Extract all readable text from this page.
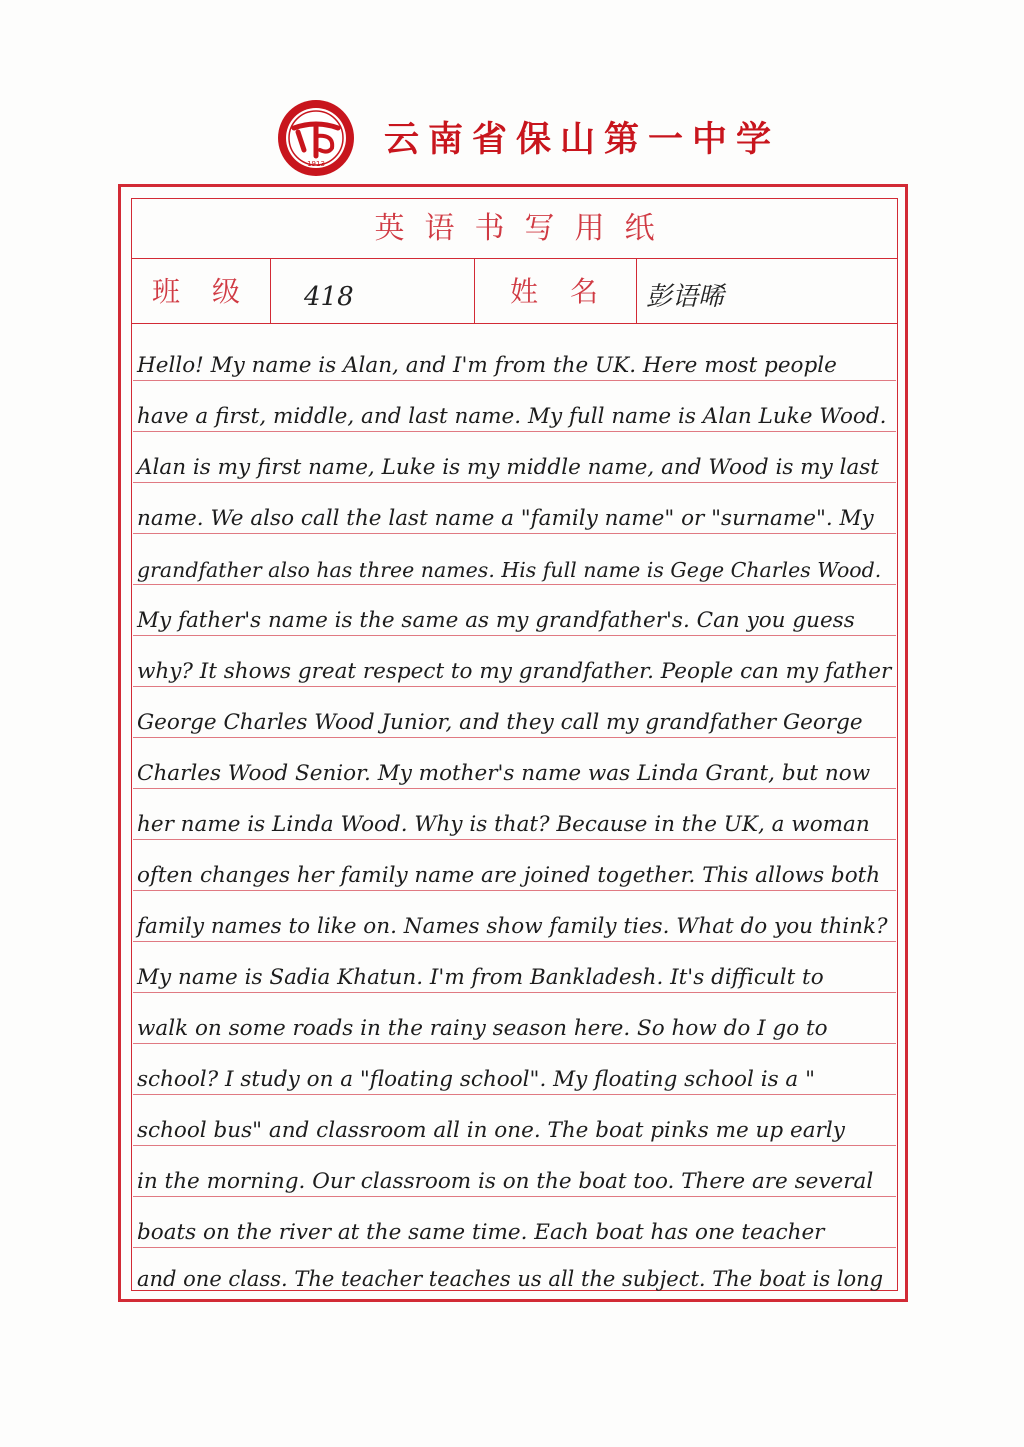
1913
云南省保山第一中学
英语书写用纸
班级 418	姓名 彭语晞
Hello! My name is Alan, and I'm from the UK. Here most people
have a first, middle, and last name. My full name is Alan Luke Wood.
Alan is my first name, Luke is my middle name, and Wood is my last
name. We also call the last name a "family name" or "surname". My
grandfather also has three names. His full name is Gege Charles Wood.
My father's name is the same as my grandfather's. Can you guess
why? It shows great respect to my grandfather. People can my father
George Charles Wood Junior, and they call my grandfather George
Charles Wood Senior. My mother's name was Linda Grant, but now
her name is Linda Wood. Why is that? Because in the UK, a woman
often changes her family name are joined together. This allows both
family names to like on. Names show family ties. What do you think?
My name is Sadia Khatun. I'm from Bankladesh. It's difficult to
walk on some roads in the rainy season here. So how do I go to
school? I study on a "floating school". My floating school is a "
school bus" and classroom all in one. The boat pinks me up early
in the morning. Our classroom is on the boat too. There are several
boats on the river at the same time. Each boat has one teacher
and one class. The teacher teaches us all the subject. The boat is long
